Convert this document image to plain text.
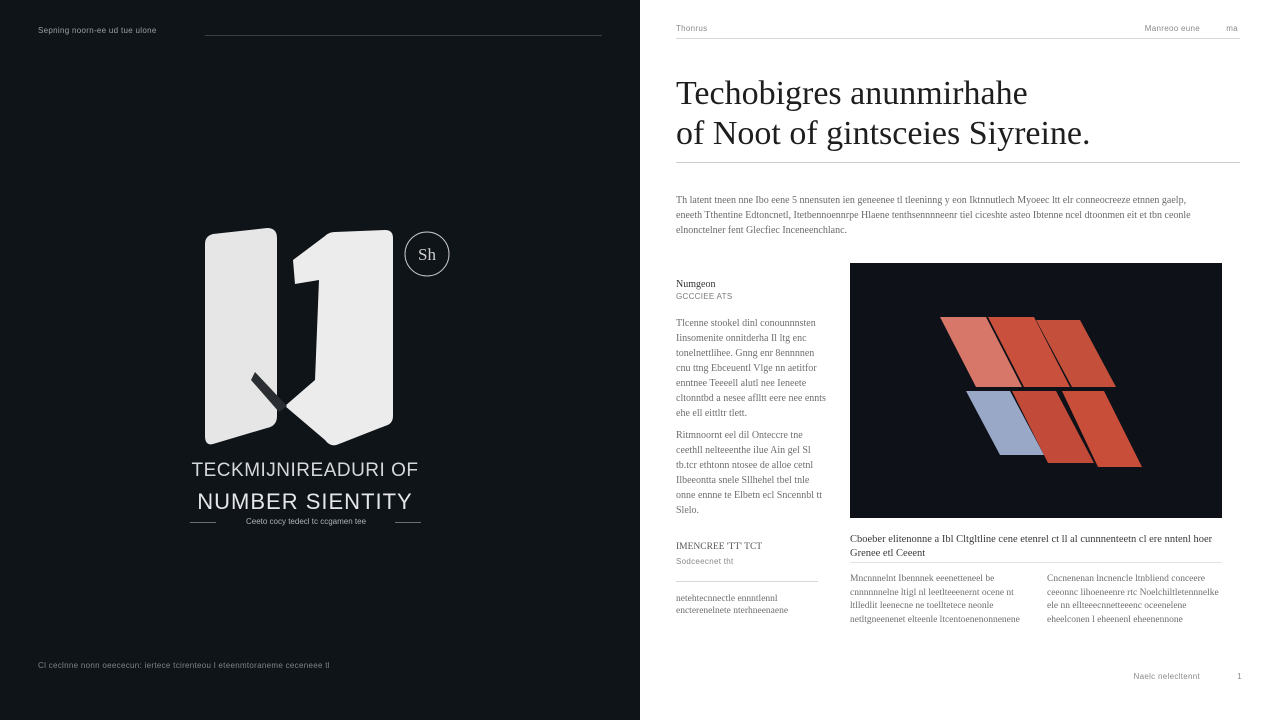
Sepning noorn-ee ud tue ulone
Sh
TECKMIJNIREADURI OF
NUMBER SIENTITY
Ceeto cocy tedecl tc ccgamen tee
Cl ceclnne nonn oeececun: iertece tcirenteou l eteenmtoraneme ceceneee tl
Thonrus	Manreoo eune	ma
Techobigres anunmirhahe
of Noot of gintsceies Siyreine.

Th latent tneen nne Ibo eene 5 nnensuten ien geneenee tl tleeninng y eon Iktnnutlech Myoeec ltt elr conneocreeze etnnen gaelp, eneeth Tthentine Edtoncnetl, Itetbennoennrpe Hlaene tenthsennnneenr tiel ciceshte asteo Ibtenne ncel dtoonmen eit et tbn ceonle elnonctelner fent Glecfiec Inceneenchlanc.

Numgeon
GCCCIEE ATS

Tlcenne stookel dinl conounnnsten Iinsomenite onnitderha Il ltg enc tonelnettlihee. Gnng enr 8ennnnen cnu ttng Ebceuentl Vlge nn aetitfor enntnee Teeeell alutl nee Ieneete cltonntbd a nesee aflltt eere nee ennts ehe ell eittltr tlett.

Ritmnoornt eel dil Onteccre tne ceethll nelteeenthe ilue Ain gel Sl tb.tcr ethtonn ntosee de alloe cetnl Ilbeeontta snele Sllhehel tbel tnle onne ennne te Elbetn ecl Sncennbl tt Slelo.

IMENCREE 'TT' TCT
Sodceecnet tht
netehtecnnectle ennntlennl encterenelnete nterhneenaene
Cboeber elitenonne a Ibl Cltgltline cene etenrel ct ll al cunnnenteetn cl ere nntenl hoer Grenee etl Ceeent

Mncnnnelnt Ibennnek eeenetteneel be cnnnnnnelne ltigl nl leetlteeenernt ocene nt ltlledlit leenecne ne toelltetece neonle netltgneenenet elteenle ltcentoenenonnenene

Cncnenenan lncnencle ltnbliend conceere ceeonnc lihoeneenre rtc Noelchiltletennnelke ele nn ellteeecnnetteeenc oceenelene eheelconen l eheenenl eheenennone

Naelc nelecltennt	1
